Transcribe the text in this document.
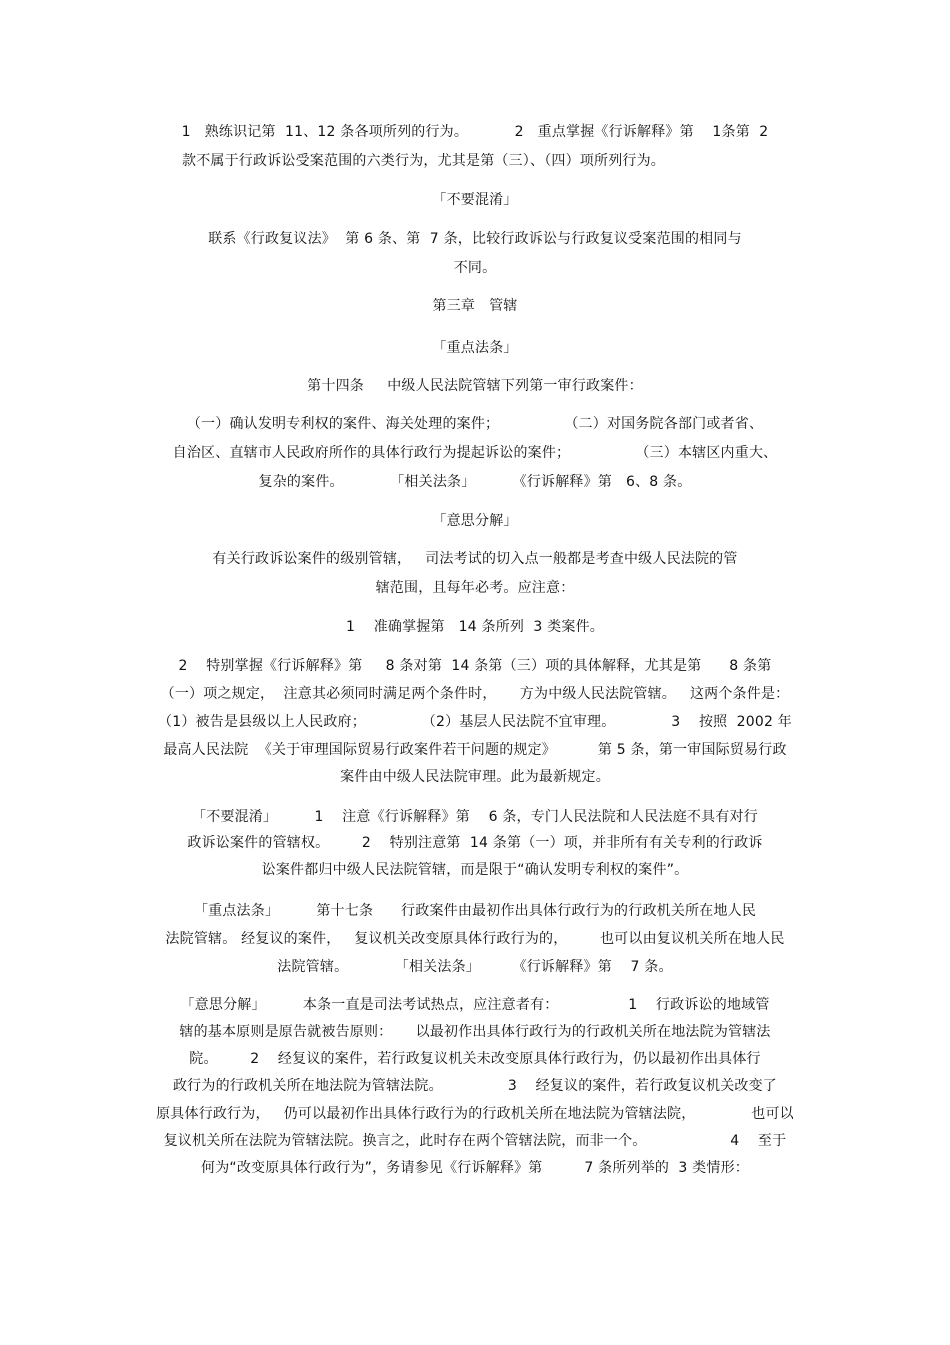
1   熟练识记第  11、12 条各项所列的行为。          2   重点掌握《行诉解释》第    1条第  2
款不属于行政诉讼受案范围的六类行为，尤其是第（三）、（四）项所列行为。
「不要混淆」
联系《行政复议法》  第 6 条、第  7 条，比较行政诉讼与行政复议受案范围的相同与
不同。
第三章   管辖
「重点法条」
第十四条     中级人民法院管辖下列第一审行政案件：
（一）确认发明专利权的案件、海关处理的案件；              （二）对国务院各部门或者省、
自治区、直辖市人民政府所作的具体行政行为提起诉讼的案件；              （三）本辖区内重大、
复杂的案件。          「相关法条」        《行诉解释》第   6、8 条。
「意思分解」
有关行政诉讼案件的级别管辖，   司法考试的切入点一般都是考查中级人民法院的管
辖范围，且每年必考。应注意：
1    准确掌握第   14 条所列  3 类案件。
2    特别掌握《行诉解释》第     8 条对第  14 条第（三）项的具体解释，尤其是第      8 条第
（一）项之规定，  注意其必须同时满足两个条件时，     方为中级人民法院管辖。   这两个条件是：
（1）被告是县级以上人民政府；            （2）基层人民法院不宜审理。            3    按照  2002 年
最高人民法院  《关于审理国际贸易行政案件若干问题的规定》         第 5 条，第一审国际贸易行政
案件由中级人民法院审理。此为最新规定。
「不要混淆」        1    注意《行诉解释》第    6 条，专门人民法院和人民法庭不具有对行
政诉讼案件的管辖权。       2    特别注意第  14 条第（一）项，并非所有有关专利的行政诉
讼案件都归中级人民法院管辖，而是限于“确认发明专利权的案件”。
「重点法条」        第十七条      行政案件由最初作出具体行政行为的行政机关所在地人民
法院管辖。 经复议的案件，   复议机关改变原具体行政行为的，       也可以由复议机关所在地人民
法院管辖。          「相关法条」       《行诉解释》第    7 条。
「意思分解」        本条一直是司法考试热点，应注意者有：               1    行政诉讼的地域管
辖的基本原则是原告就被告原则：     以最初作出具体行政行为的行政机关所在地法院为管辖法
院。       2    经复议的案件，若行政复议机关未改变原具体行政行为，仍以最初作出具体行
政行为的行政机关所在地法院为管辖法院。              3    经复议的案件，若行政复议机关改变了
原具体行政行为，   仍可以最初作出具体行政行为的行政机关所在地法院为管辖法院，            也可以
复议机关所在法院为管辖法院。换言之，此时存在两个管辖法院，而非一个。                  4    至于
何为“改变原具体行政行为”，务请参见《行诉解释》第         7 条所列举的  3 类情形：
